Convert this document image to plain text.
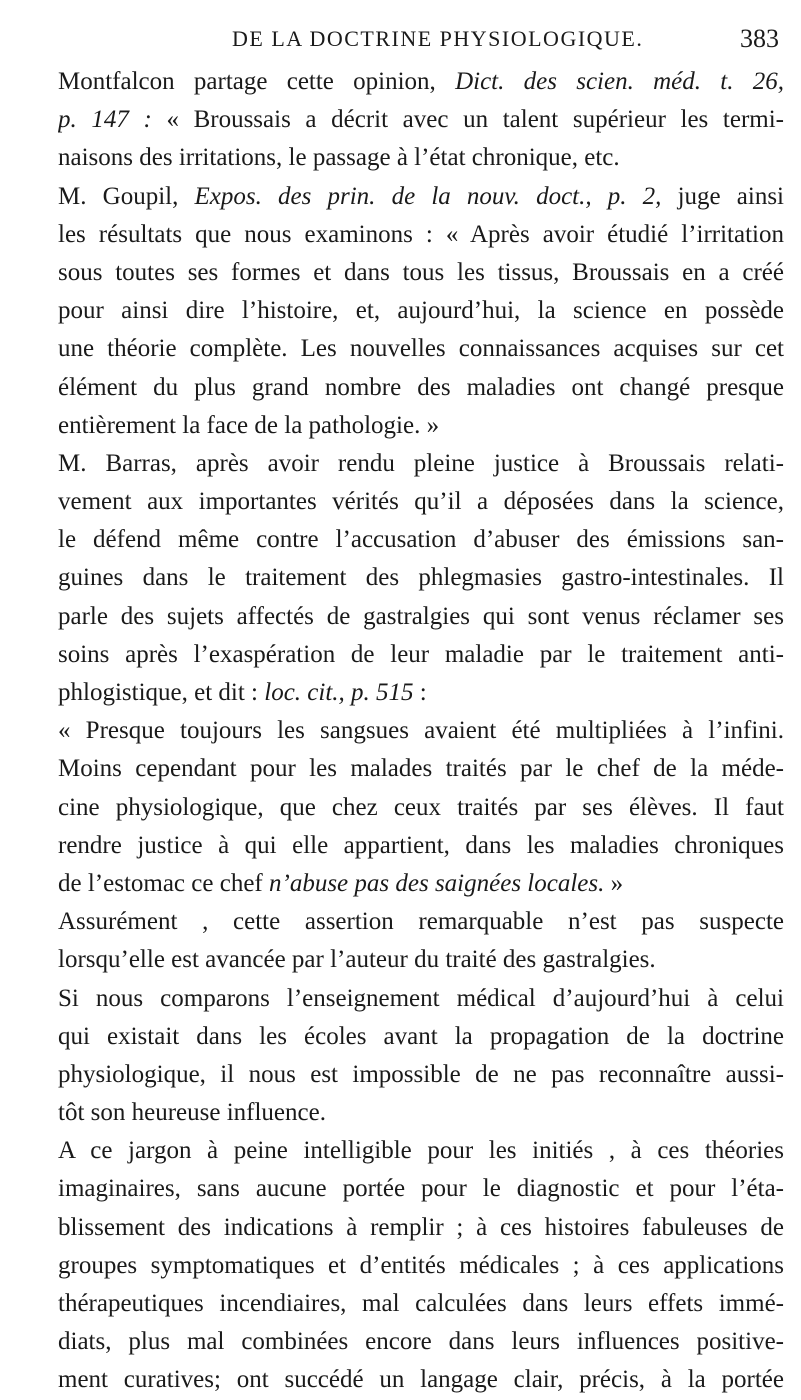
DE LA DOCTRINE PHYSIOLOGIQUE.	383
Montfalcon partage cette opinion, Dict. des scien. méd. t. 26,
p. 147 : « Broussais a décrit avec un talent supérieur les termi-
naisons des irritations, le passage à l’état chronique, etc.
M. Goupil, Expos. des prin. de la nouv. doct., p. 2, juge ainsi
les résultats que nous examinons : « Après avoir étudié l’irritation
sous toutes ses formes et dans tous les tissus, Broussais en a créé
pour ainsi dire l’histoire, et, aujourd’hui, la science en possède
une théorie complète. Les nouvelles connaissances acquises sur cet
élément du plus grand nombre des maladies ont changé presque
entièrement la face de la pathologie. »
M. Barras, après avoir rendu pleine justice à Broussais relati-
vement aux importantes vérités qu’il a déposées dans la science,
le défend même contre l’accusation d’abuser des émissions san-
guines dans le traitement des phlegmasies gastro-intestinales. Il
parle des sujets affectés de gastralgies qui sont venus réclamer ses
soins après l’exaspération de leur maladie par le traitement anti-
phlogistique, et dit : loc. cit., p. 515 :
« Presque toujours les sangsues avaient été multipliées à l’infini.
Moins cependant pour les malades traités par le chef de la méde-
cine physiologique, que chez ceux traités par ses élèves. Il faut
rendre justice à qui elle appartient, dans les maladies chroniques
de l’estomac ce chef n’abuse pas des saignées locales. »
Assurément , cette assertion remarquable n’est pas suspecte
lorsqu’elle est avancée par l’auteur du traité des gastralgies.
Si nous comparons l’enseignement médical d’aujourd’hui à celui
qui existait dans les écoles avant la propagation de la doctrine
physiologique, il nous est impossible de ne pas reconnaître aussi-
tôt son heureuse influence.
A ce jargon à peine intelligible pour les initiés , à ces théories
imaginaires, sans aucune portée pour le diagnostic et pour l’éta-
blissement des indications à remplir ; à ces histoires fabuleuses de
groupes symptomatiques et d’entités médicales ; à ces applications
thérapeutiques incendiaires, mal calculées dans leurs effets immé-
diats, plus mal combinées encore dans leurs influences positive-
ment curatives; ont succédé un langage clair, précis, à la portée
